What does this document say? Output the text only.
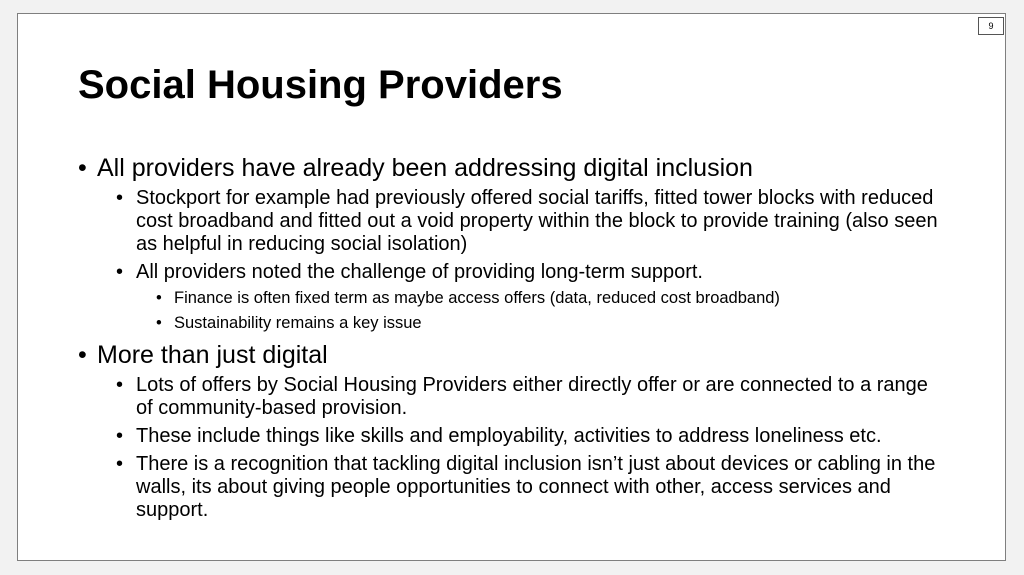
9
Social Housing Providers
• All providers have already been addressing digital inclusion
• Stockport for example had previously offered social tariffs, fitted tower blocks with reduced cost broadband and fitted out a void property within the block to provide training (also seen as helpful in reducing social isolation)
• All providers noted the challenge of providing long-term support.
• Finance is often fixed term as maybe access offers (data, reduced cost broadband)
• Sustainability remains a key issue
• More than just digital
• Lots of offers by Social Housing Providers either directly offer or are connected to a range of community-based provision.
• These include things like skills and employability, activities to address loneliness etc.
• There is a recognition that tackling digital inclusion isn’t just about devices or cabling in the walls, its about giving people opportunities to connect with other, access services and support.
